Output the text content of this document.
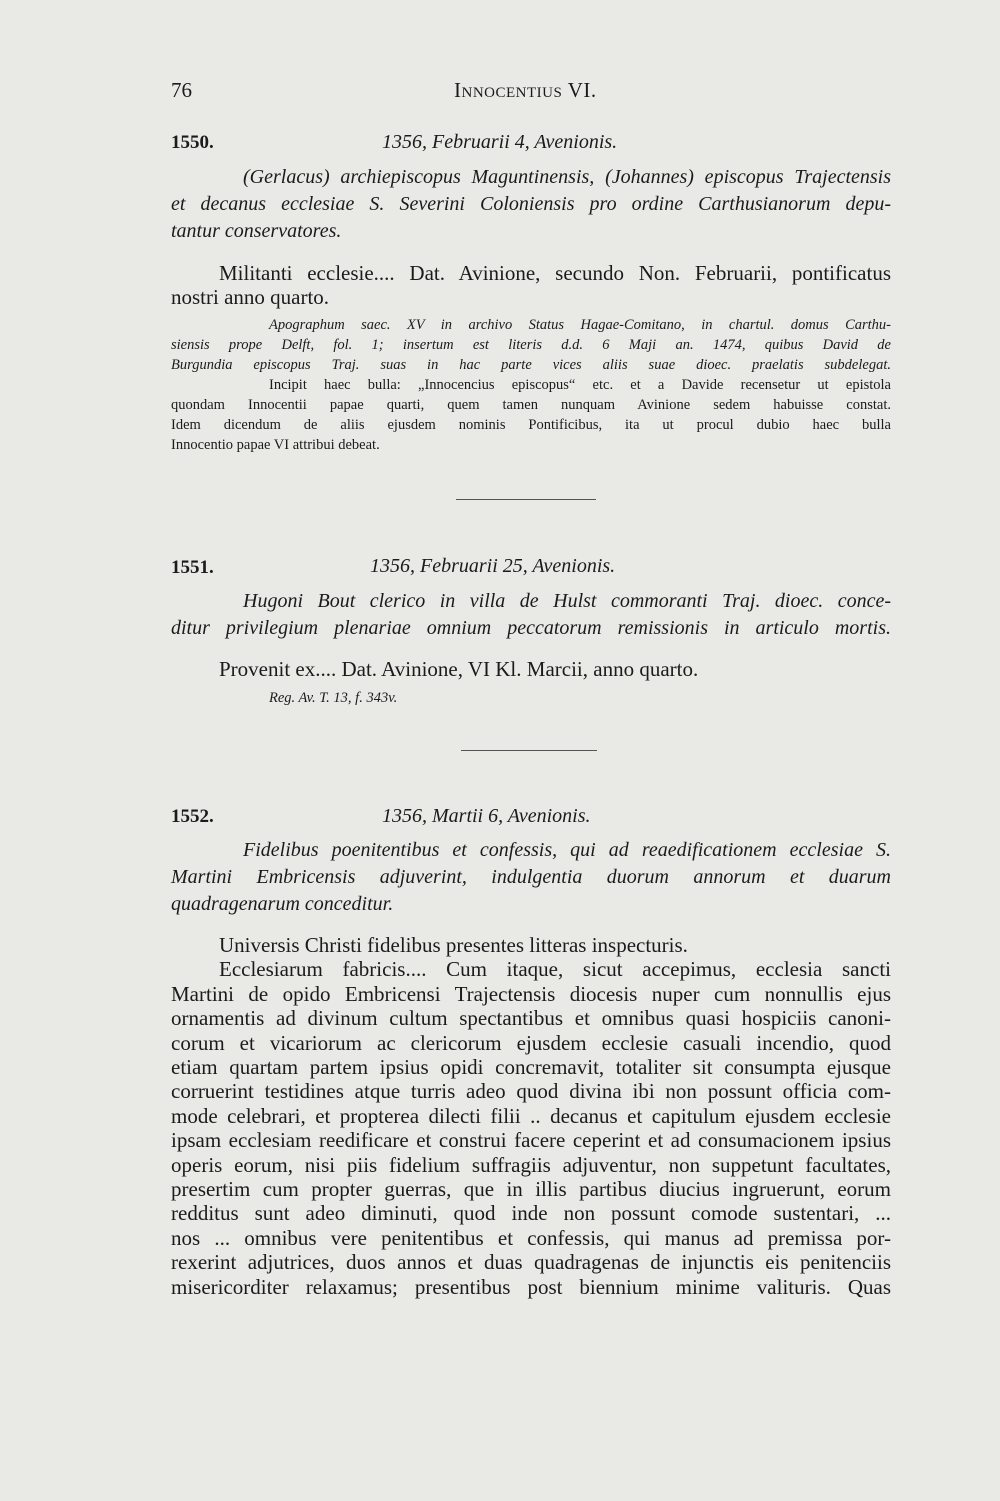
76	Innocentius VI.
1550.	1356, Februarii 4, Avenionis.
(Gerlacus) archiepiscopus Maguntinensis, (Johannes) episcopus Trajectensis
et decanus ecclesiae S. Severini Coloniensis pro ordine Carthusianorum depu-
tantur conservatores.
Militanti ecclesie.... Dat. Avinione, secundo Non. Februarii, pontificatus
nostri anno quarto.
Apographum saec. XV in archivo Status Hagae-Comitano, in chartul. domus Carthu-
siensis prope Delft, fol. 1; insertum est literis d.d. 6 Maji an. 1474, quibus David de
Burgundia episcopus Traj. suas in hac parte vices aliis suae dioec. praelatis subdelegat.
Incipit haec bulla: „Innocencius episcopus“ etc. et a Davide recensetur ut epistola
quondam Innocentii papae quarti, quem tamen nunquam Avinione sedem habuisse constat.
Idem dicendum de aliis ejusdem nominis Pontificibus, ita ut procul dubio haec bulla
Innocentio papae VI attribui debeat.
1551.	1356, Februarii 25, Avenionis.
Hugoni Bout clerico in villa de Hulst commoranti Traj. dioec. conce-
ditur privilegium plenariae omnium peccatorum remissionis in articulo mortis.
Provenit ex.... Dat. Avinione, VI Kl. Marcii, anno quarto.
Reg. Av. T. 13, f. 343v.
1552.	1356, Martii 6, Avenionis.
Fidelibus poenitentibus et confessis, qui ad reaedificationem ecclesiae S.
Martini Embricensis adjuverint, indulgentia duorum annorum et duarum
quadragenarum conceditur.
Universis Christi fidelibus presentes litteras inspecturis.
Ecclesiarum fabricis.... Cum itaque, sicut accepimus, ecclesia sancti
Martini de opido Embricensi Trajectensis diocesis nuper cum nonnullis ejus
ornamentis ad divinum cultum spectantibus et omnibus quasi hospiciis canoni-
corum et vicariorum ac clericorum ejusdem ecclesie casuali incendio, quod
etiam quartam partem ipsius opidi concremavit, totaliter sit consumpta ejusque
corruerint testidines atque turris adeo quod divina ibi non possunt officia com-
mode celebrari, et propterea dilecti filii .. decanus et capitulum ejusdem ecclesie
ipsam ecclesiam reedificare et construi facere ceperint et ad consumacionem ipsius
operis eorum, nisi piis fidelium suffragiis adjuventur, non suppetunt facultates,
presertim cum propter guerras, que in illis partibus diucius ingruerunt, eorum
redditus sunt adeo diminuti, quod inde non possunt comode sustentari, ...
nos ... omnibus vere penitentibus et confessis, qui manus ad premissa por-
rexerint adjutrices, duos annos et duas quadragenas de injunctis eis penitenciis
misericorditer relaxamus; presentibus post biennium minime valituris. Quas
